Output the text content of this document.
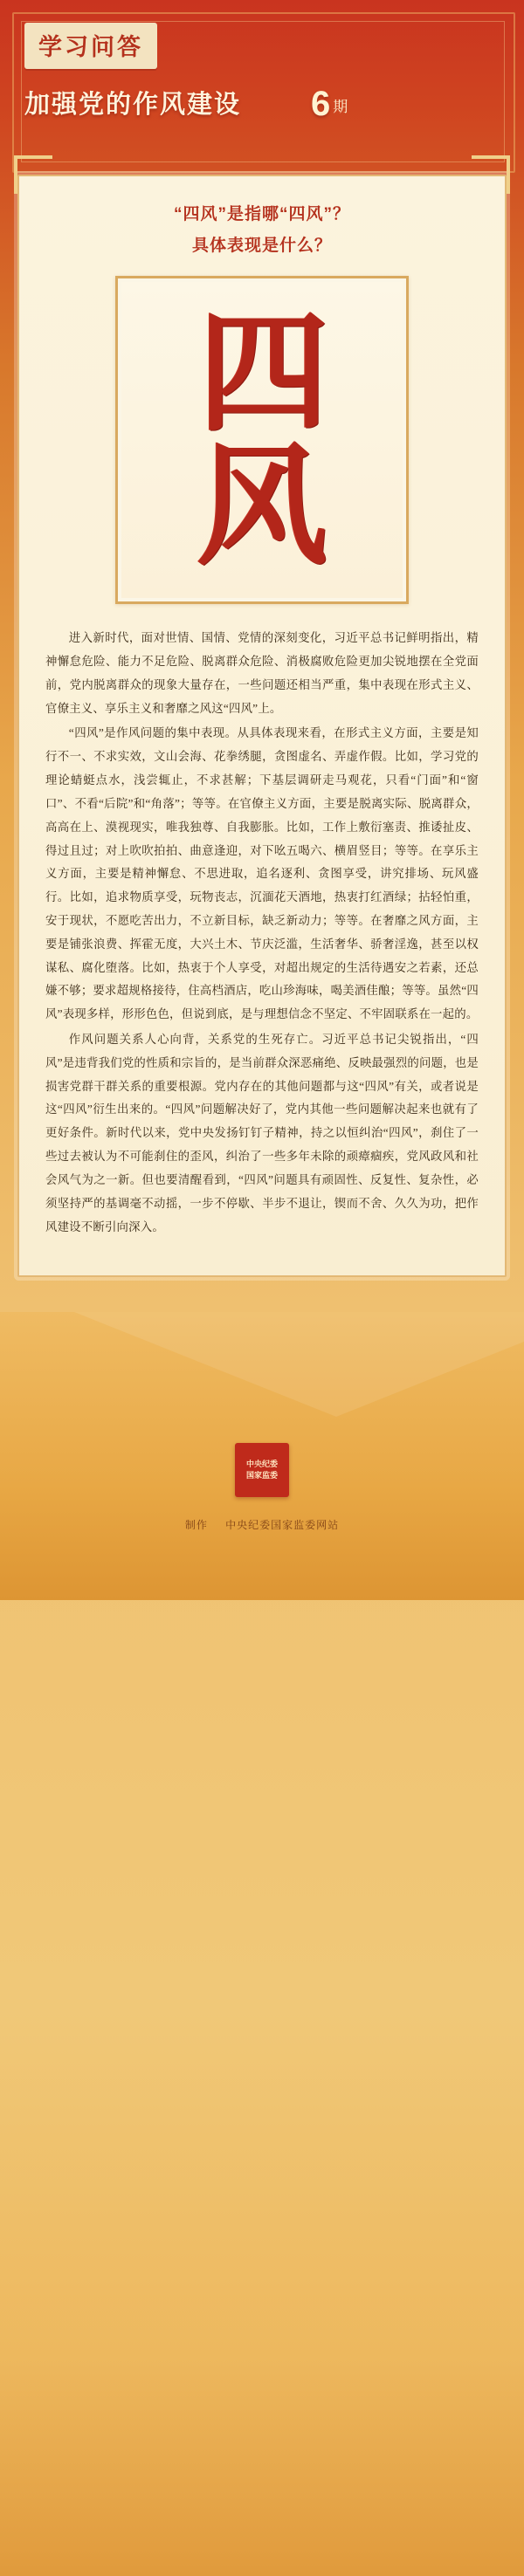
学习问答
加强党的作风建设 6 期
“四风”是指哪“四风”？
具体表现是什么？
四
风

进入新时代，面对世情、国情、党情的深刻变化，习近平总书记鲜明指出，精神懈怠危险、能力不足危险、脱离群众危险、消极腐败危险更加尖锐地摆在全党面前，党内脱离群众的现象大量存在，一些问题还相当严重，集中表现在形式主义、官僚主义、享乐主义和奢靡之风这“四风”上。

“四风”是作风问题的集中表现。从具体表现来看，在形式主义方面，主要是知行不一、不求实效，文山会海、花拳绣腿，贪图虚名、弄虚作假。比如，学习党的理论蜻蜓点水，浅尝辄止，不求甚解；下基层调研走马观花，只看“门面”和“窗口”、不看“后院”和“角落”；等等。在官僚主义方面，主要是脱离实际、脱离群众，高高在上、漠视现实，唯我独尊、自我膨胀。比如，工作上敷衍塞责、推诿扯皮、得过且过；对上吹吹拍拍、曲意逢迎，对下吆五喝六、横眉竖目；等等。在享乐主义方面，主要是精神懈怠、不思进取，追名逐利、贪图享受，讲究排场、玩风盛行。比如，追求物质享受，玩物丧志，沉湎花天酒地，热衷打红酒绿；拈轻怕重，安于现状，不愿吃苦出力，不立新目标，缺乏新动力；等等。在奢靡之风方面，主要是铺张浪费、挥霍无度，大兴土木、节庆泛滥，生活奢华、骄奢淫逸，甚至以权谋私、腐化堕落。比如，热衷于个人享受，对超出规定的生活待遇安之若素，还总嫌不够；要求超规格接待，住高档酒店，吃山珍海味，喝美酒佳酿；等等。虽然“四风”表现多样，形形色色，但说到底，是与理想信念不坚定、不牢固联系在一起的。

作风问题关系人心向背，关系党的生死存亡。习近平总书记尖锐指出，“四风”是违背我们党的性质和宗旨的，是当前群众深恶痛绝、反映最强烈的问题，也是损害党群干群关系的重要根源。党内存在的其他问题都与这“四风”有关，或者说是这“四风”衍生出来的。“四风”问题解决好了，党内其他一些问题解决起来也就有了更好条件。新时代以来，党中央发扬钉钉子精神，持之以恒纠治“四风”，刹住了一些过去被认为不可能刹住的歪风，纠治了一些多年未除的顽瘴痼疾，党风政风和社会风气为之一新。但也要清醒看到，“四风”问题具有顽固性、反复性、复杂性，必须坚持严的基调毫不动摇，一步不停歇、半步不退让，锲而不舍、久久为功，把作风建设不断引向深入。

中央纪委
国家监委
制作 中央纪委国家监委网站
